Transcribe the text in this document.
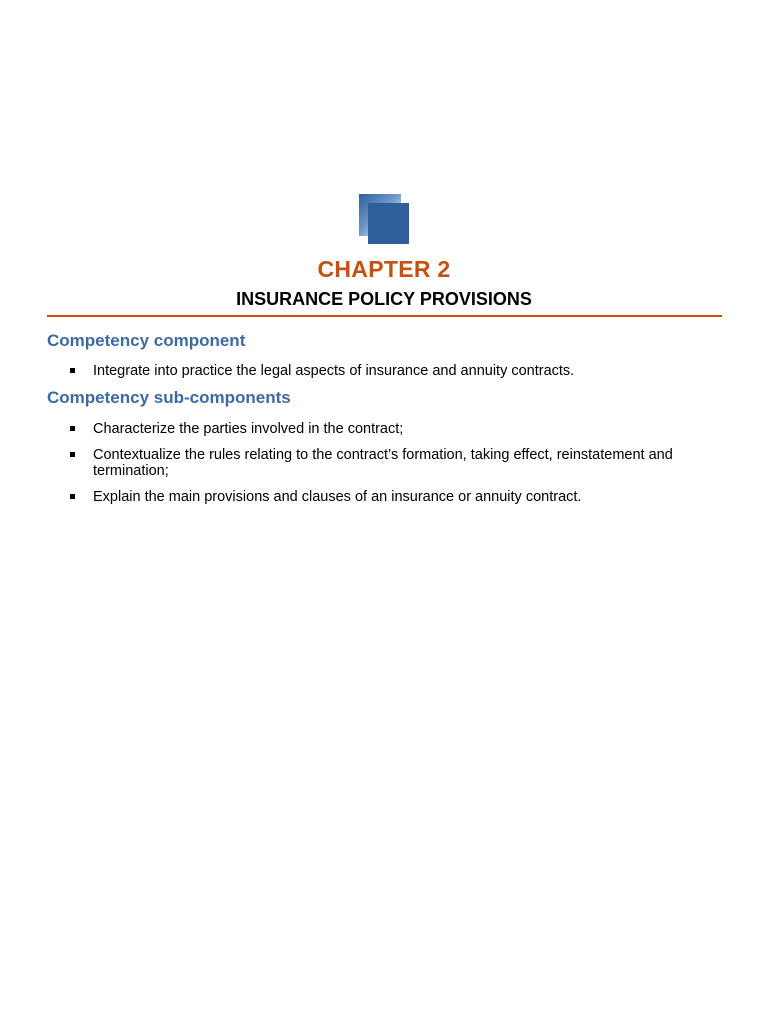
CHAPTER 2
INSURANCE POLICY PROVISIONS
Competency component
Integrate into practice the legal aspects of insurance and annuity contracts.
Competency sub-components
Characterize the parties involved in the contract;
Contextualize the rules relating to the contract’s formation, taking effect, reinstatement and termination;
Explain the main provisions and clauses of an insurance or annuity contract.
